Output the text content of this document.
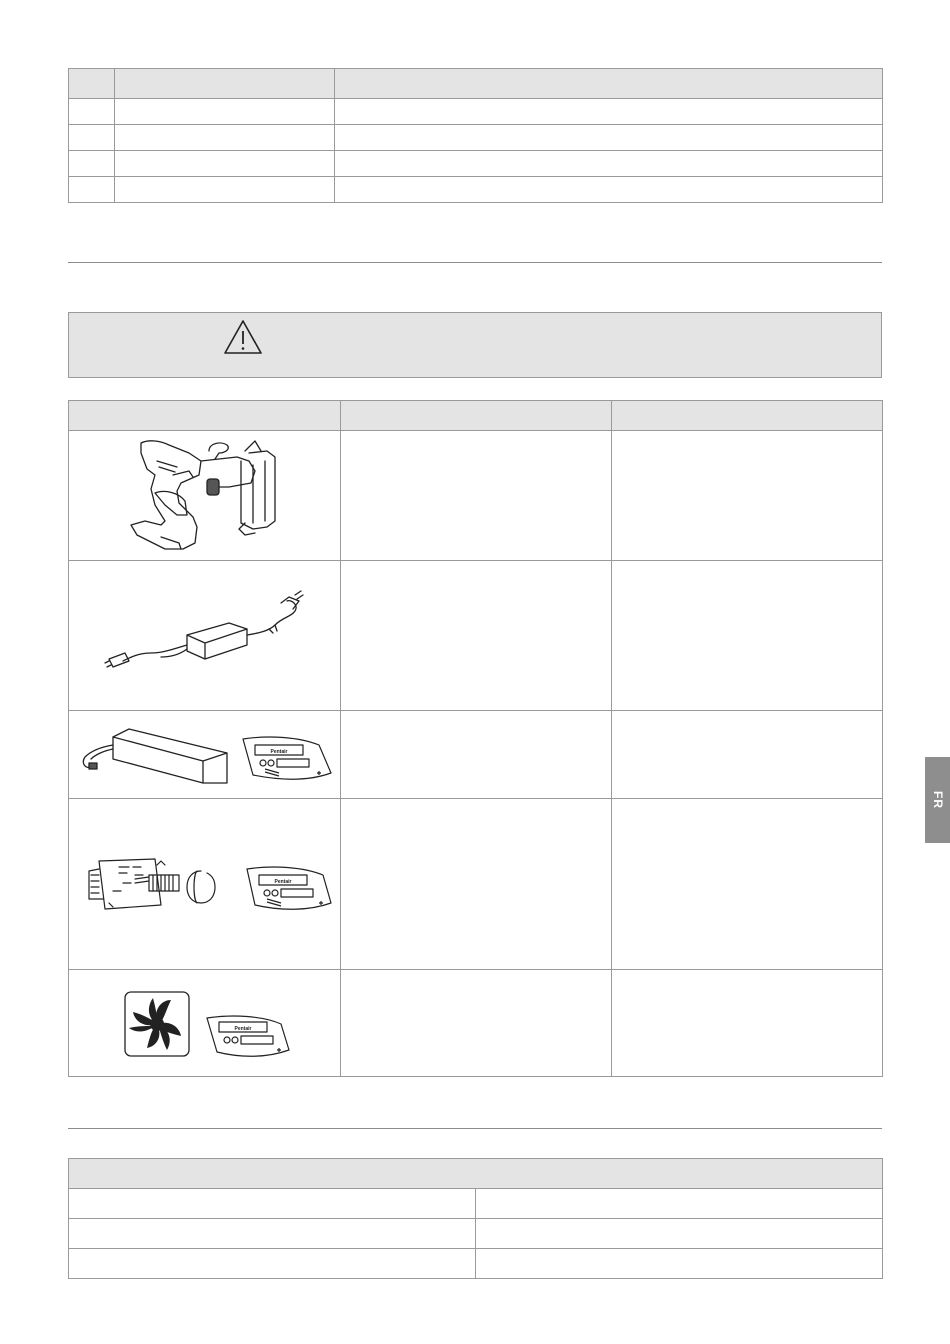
Pentair		

Pentair		

Pentair		

FR
